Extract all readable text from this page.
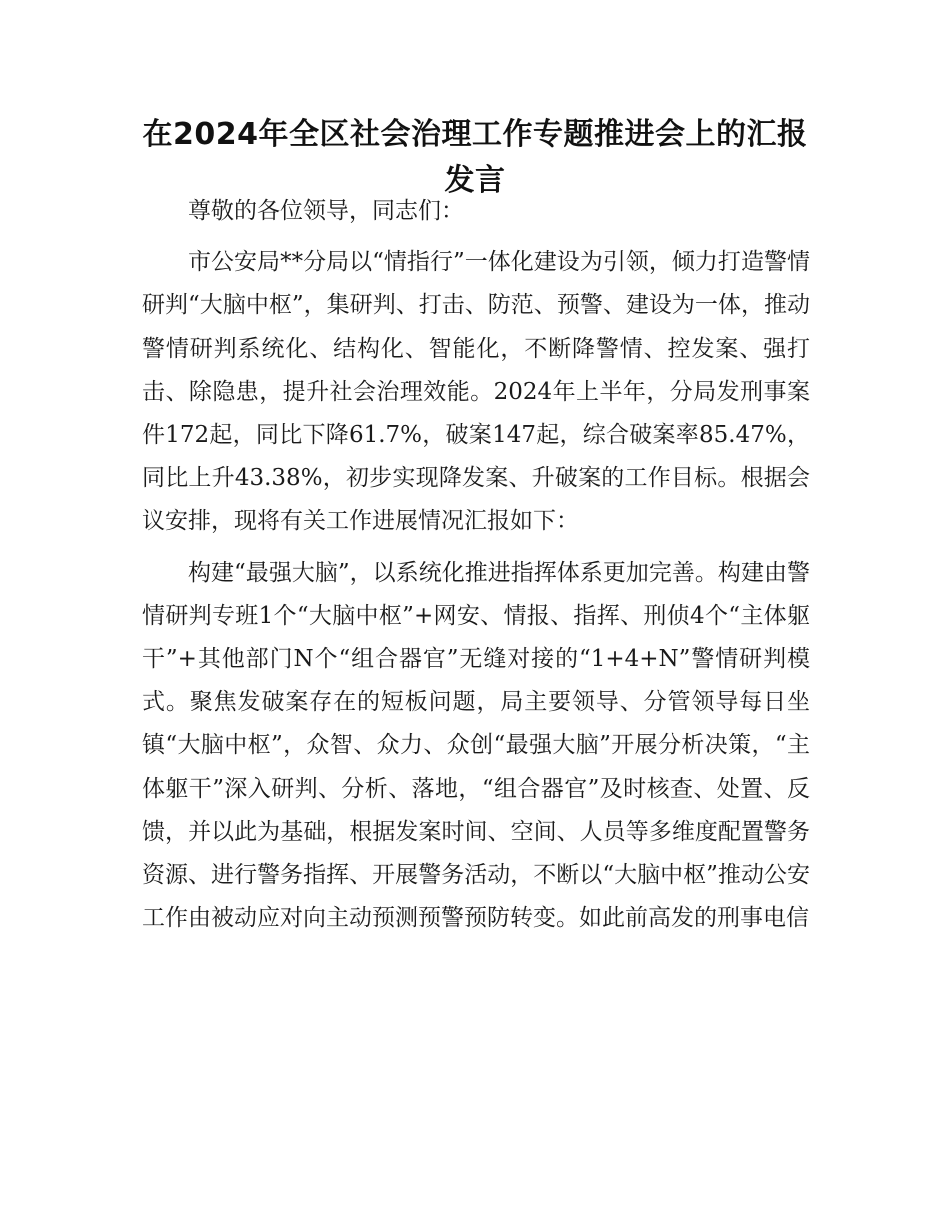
在2024年全区社会治理工作专题推进会上的汇报发言

尊敬的各位领导，同志们：

市公安局**分局以“情指行”一体化建设为引领，倾力打造警情研判“大脑中枢”，集研判、打击、防范、预警、建设为一体，推动警情研判系统化、结构化、智能化，不断降警情、控发案、强打击、除隐患，提升社会治理效能。2024年上半年，分局发刑事案件172起，同比下降61.7%，破案147起，综合破案率85.47%，同比上升43.38%，初步实现降发案、升破案的工作目标。根据会议安排，现将有关工作进展情况汇报如下：

构建“最强大脑”，以系统化推进指挥体系更加完善。构建由警情研判专班1个“大脑中枢”+网安、情报、指挥、刑侦4个“主体躯干”+其他部门N个“组合器官”无缝对接的“1+4+N”警情研判模式。聚焦发破案存在的短板问题，局主要领导、分管领导每日坐镇“大脑中枢”，众智、众力、众创“最强大脑”开展分析决策，“主体躯干”深入研判、分析、落地，“组合器官”及时核查、处置、反馈，并以此为基础，根据发案时间、空间、人员等多维度配置警务资源、进行警务指挥、开展警务活动，不断以“大脑中枢”推动公安工作由被动应对向主动预测预警预防转变。如此前高发的刑事电信
